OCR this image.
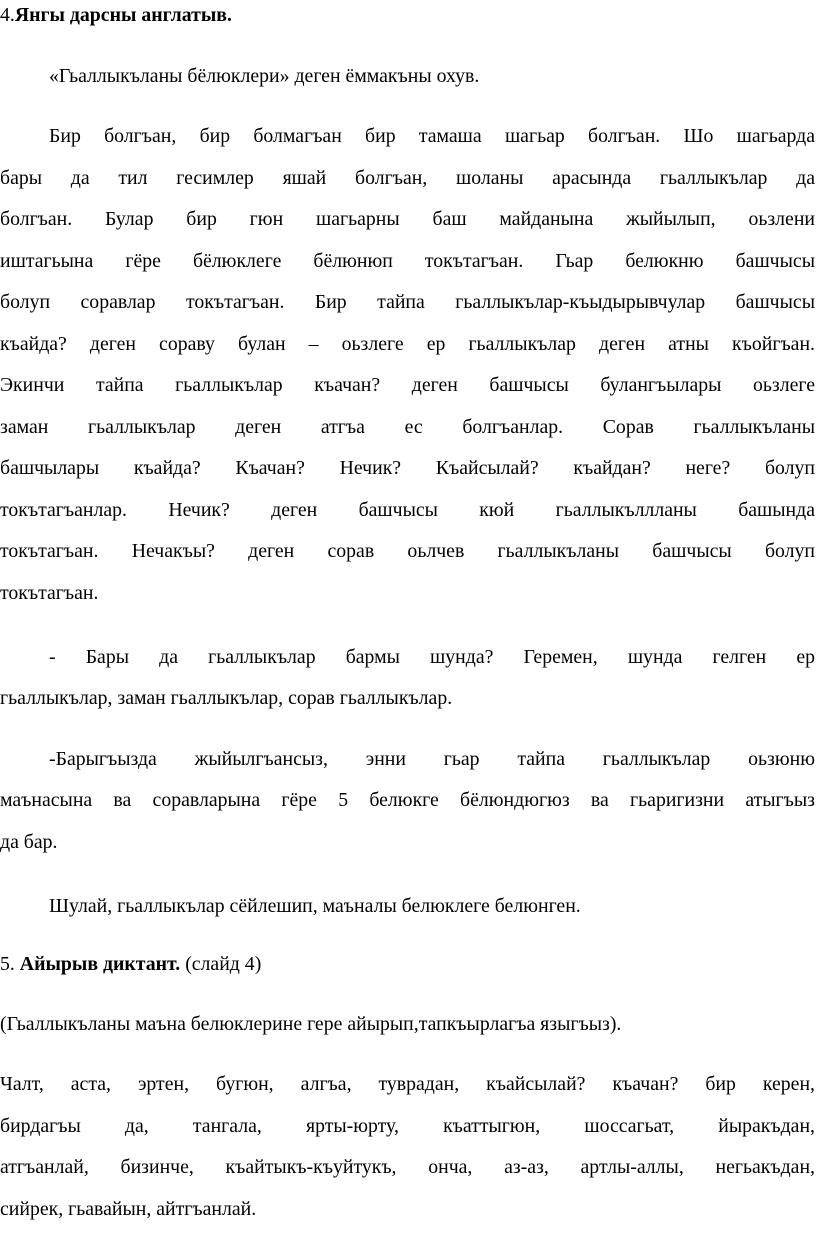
4.Янгы дарсны англатыв.
«Гьаллыкъланы бёлюклери» деген ёммакъны охув.
Бир болгъан, бир болмагъан бир тамаша шагьар болгъан. Шо шагьарда
бары да тил гесимлер яшай болгъан, шоланы арасында гьаллыкълар да
болгъан. Булар бир гюн шагьарны баш майданына жыйылып, оьзлени
иштагьына гёре бёлюклеге бёлюнюп токътагъан. Гьар белюкню башчысы
болуп соравлар токътагъан. Бир тайпа гьаллыкълар-къыдырывчулар башчысы
къайда? деген сораву булан – оьзлеге ер гьаллыкълар деген атны къойгъан.
Экинчи тайпа гьаллыкълар къачан? деген башчысы булангъылары оьзлеге
заман гьаллыкълар деген атгъа ес болгъанлар. Сорав гьаллыкъланы
башчылары къайда? Къачан? Нечик? Къайсылай? къайдан? неге? болуп
токътагъанлар. Нечик? деген башчысы кюй гьаллыкъллланы башында
токътагъан. Нечакъы? деген сорав оьлчев гьаллыкъланы башчысы болуп
токътагъан.
- Бары да гьаллыкълар бармы шунда? Геремен, шунда гелген ер
гьаллыкълар, заман гьаллыкълар, сорав гьаллыкълар.
-Барыгъызда жыйылгъансыз, энни гьар тайпа гьаллыкълар оьзюню
маънасына ва соравларына гёре 5 белюкге бёлюндюгюз ва гьаригизни атыгъыз
да бар.
Шулай, гьаллыкълар сёйлешип, маъналы белюклеге белюнген.
5. Айырыв диктант. (слайд 4)
(Гьаллыкъланы маъна белюклерине гере айырып,тапкъырлагъа языгъыз).
Чалт, аста, эртен, бугюн, алгъа, туврадан, къайсылай? къачан? бир керен,
бирдагъы да, тангала, ярты-юрту, къаттыгюн, шоссагьат, йыракъдан,
атгъанлай, бизинче, къайтыкъ-къуйтукъ, онча, аз-аз, артлы-аллы, негьакъдан,
сийрек, гьавайын, айтгъанлай.
